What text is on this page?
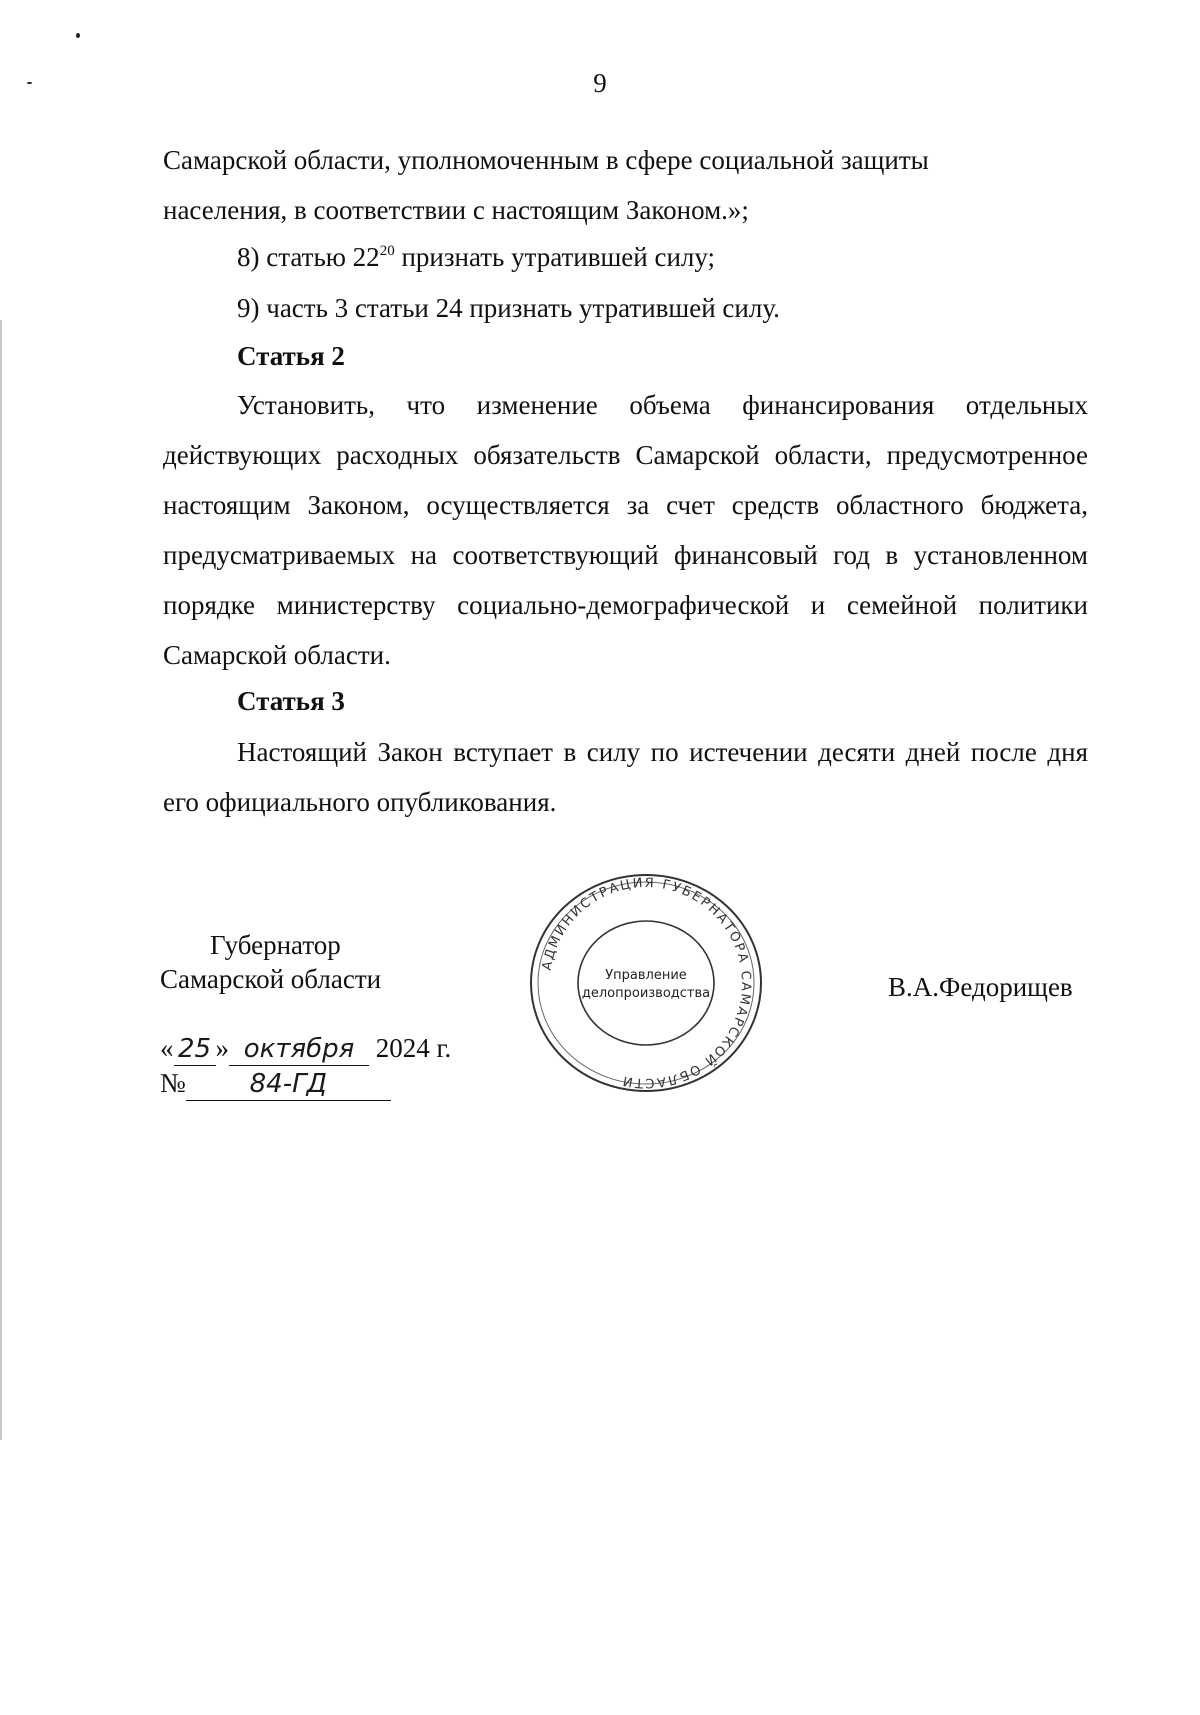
9
Самарской области, уполномоченным в сфере социальной защиты
населения, в соответствии с настоящим Законом.»;
8) статью $22^{20}$ признать утратившей силу;
9) часть 3 статьи 24 признать утратившей силу.
Статья 2
Установить, что изменение объема финансирования отдельных действующих расходных обязательств Самарской области, предусмотренное настоящим Законом, осуществляется за счет средств областного бюджета, предусматриваемых на соответствующий финансовый год в установленном порядке министерству социально-демографической и семейной политики Самарской области.
Статья 3
Настоящий Закон вступает в силу по истечении десяти дней после дня его официального опубликования.
Губернатор
Самарской области	В.А.Федорищев
« 25 » октября 2024 г.
№ 84-ГД
АДМИНИСТРАЦИЯ ГУБЕРНАТОРА САМАРСКОЙ ОБЛАСТИ
Управление
делопроизводства
